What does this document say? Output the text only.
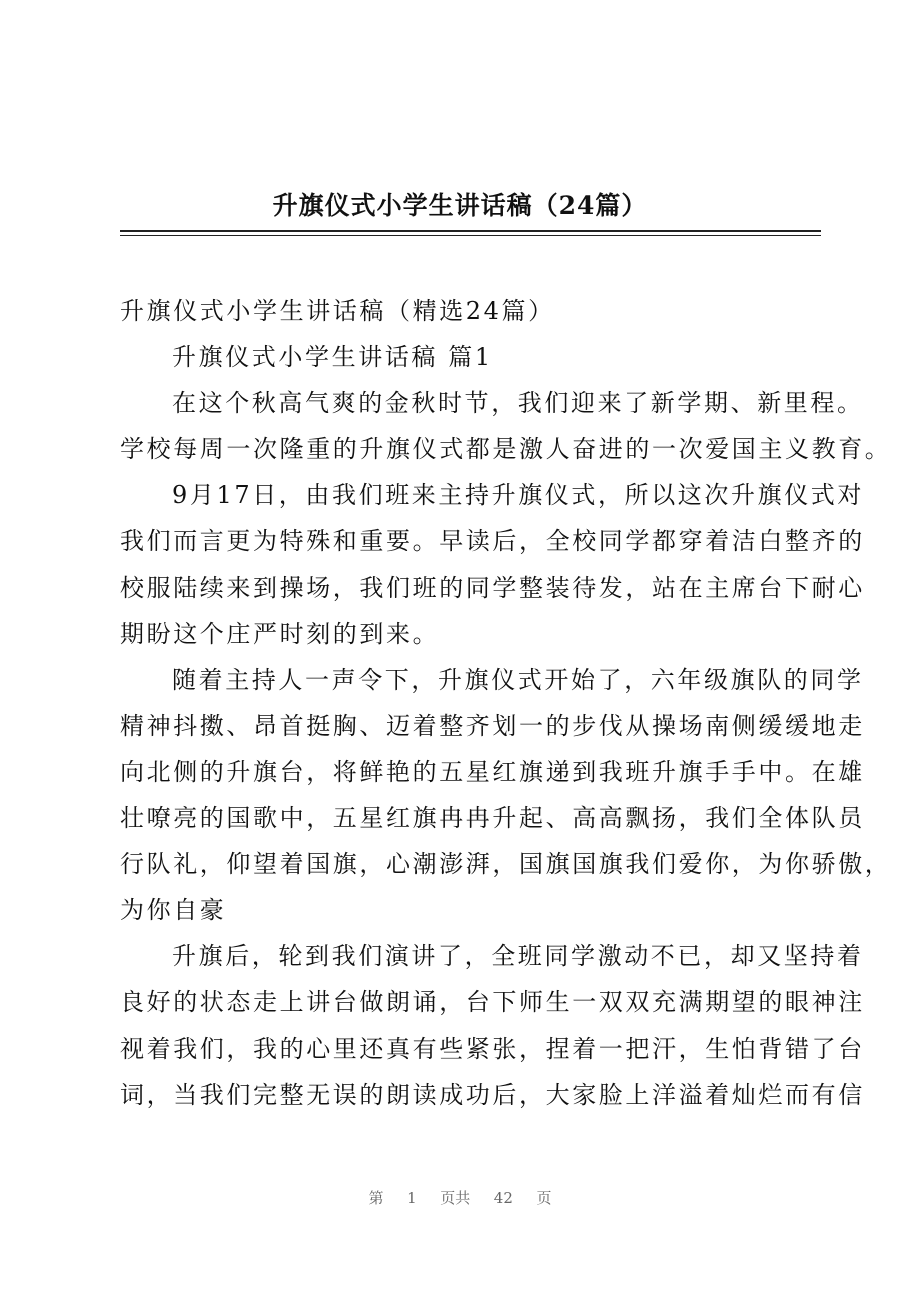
升旗仪式小学生讲话稿（24篇）
升旗仪式小学生讲话稿（精选24篇）
升旗仪式小学生讲话稿 篇1
在这个秋高气爽的金秋时节，我们迎来了新学期、新里程。
学校每周一次隆重的升旗仪式都是激人奋进的一次爱国主义教育。
9月17日，由我们班来主持升旗仪式，所以这次升旗仪式对
我们而言更为特殊和重要。早读后，全校同学都穿着洁白整齐的
校服陆续来到操场，我们班的同学整装待发，站在主席台下耐心
期盼这个庄严时刻的到来。
随着主持人一声令下，升旗仪式开始了，六年级旗队的同学
精神抖擞、昂首挺胸、迈着整齐划一的步伐从操场南侧缓缓地走
向北侧的升旗台，将鲜艳的五星红旗递到我班升旗手手中。在雄
壮嘹亮的国歌中，五星红旗冉冉升起、高高飘扬，我们全体队员
行队礼，仰望着国旗，心潮澎湃，国旗国旗我们爱你，为你骄傲，
为你自豪
升旗后，轮到我们演讲了，全班同学激动不已，却又坚持着
良好的状态走上讲台做朗诵，台下师生一双双充满期望的眼神注
视着我们，我的心里还真有些紧张，捏着一把汗，生怕背错了台
词，当我们完整无误的朗读成功后，大家脸上洋溢着灿烂而有信
第 1 页共 42 页
